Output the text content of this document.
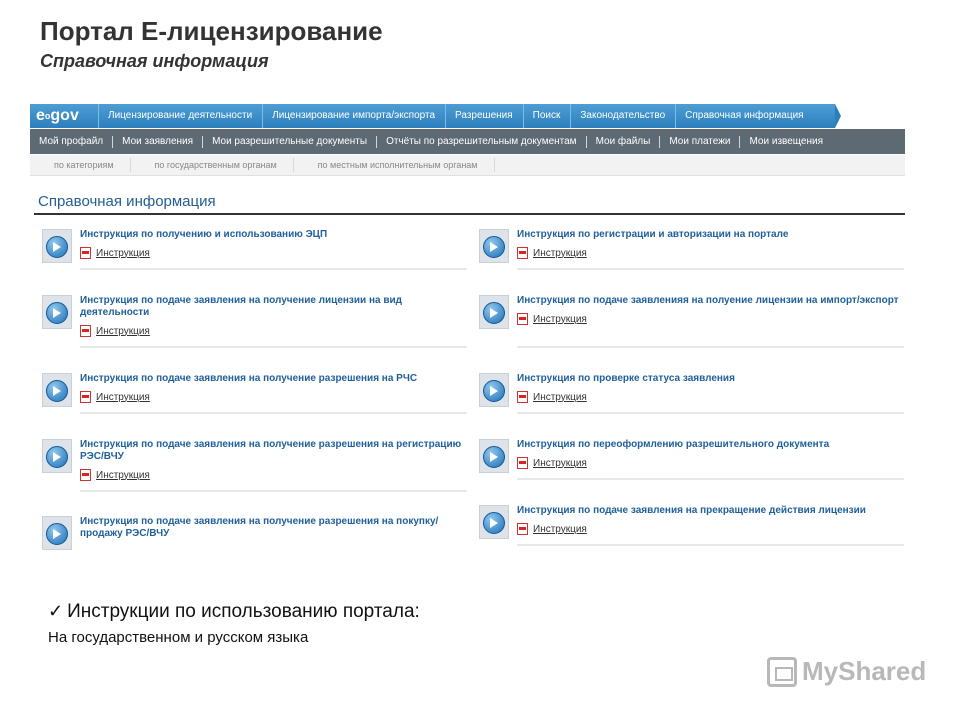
Портал Е-лицензирование
Справочная информация
e o gov	Лицензирование деятельности	Лицензирование импорта/экспорта	Разрешения	Поиск	Законодательство	Справочная информация
Мой профайл	Мои заявления	Мои разрешительные документы	Отчёты по разрешительным документам	Мои файлы	Мои платежи	Мои извещения
по категориям	по государственным органам	по местным исполнительным органам
Справочная информация
Инструкция по получению и использованию ЭЦП
Инструкция
Инструкция по подаче заявления на получение лицензии на вид деятельности
Инструкция
Инструкция по подаче заявления на получение разрешения на РЧС
Инструкция
Инструкция по подаче заявления на получение разрешения на регистрацию РЭС/ВЧУ
Инструкция
Инструкция по подаче заявления на получение разрешения на покупку/продажу РЭС/ВЧУ
Инструкция по регистрации и авторизации на портале
Инструкция
Инструкция по подаче заявленияя на полуение лицензии на импорт/экспорт
Инструкция
Инструкция по проверке статуса заявления
Инструкция
Инструкция по переоформлению разрешительного документа
Инструкция
Инструкция по подаче заявления на прекращение действия лицензии
Инструкция
✓ Инструкции по использованию портала:
На государственном и русском языка
MyShared
